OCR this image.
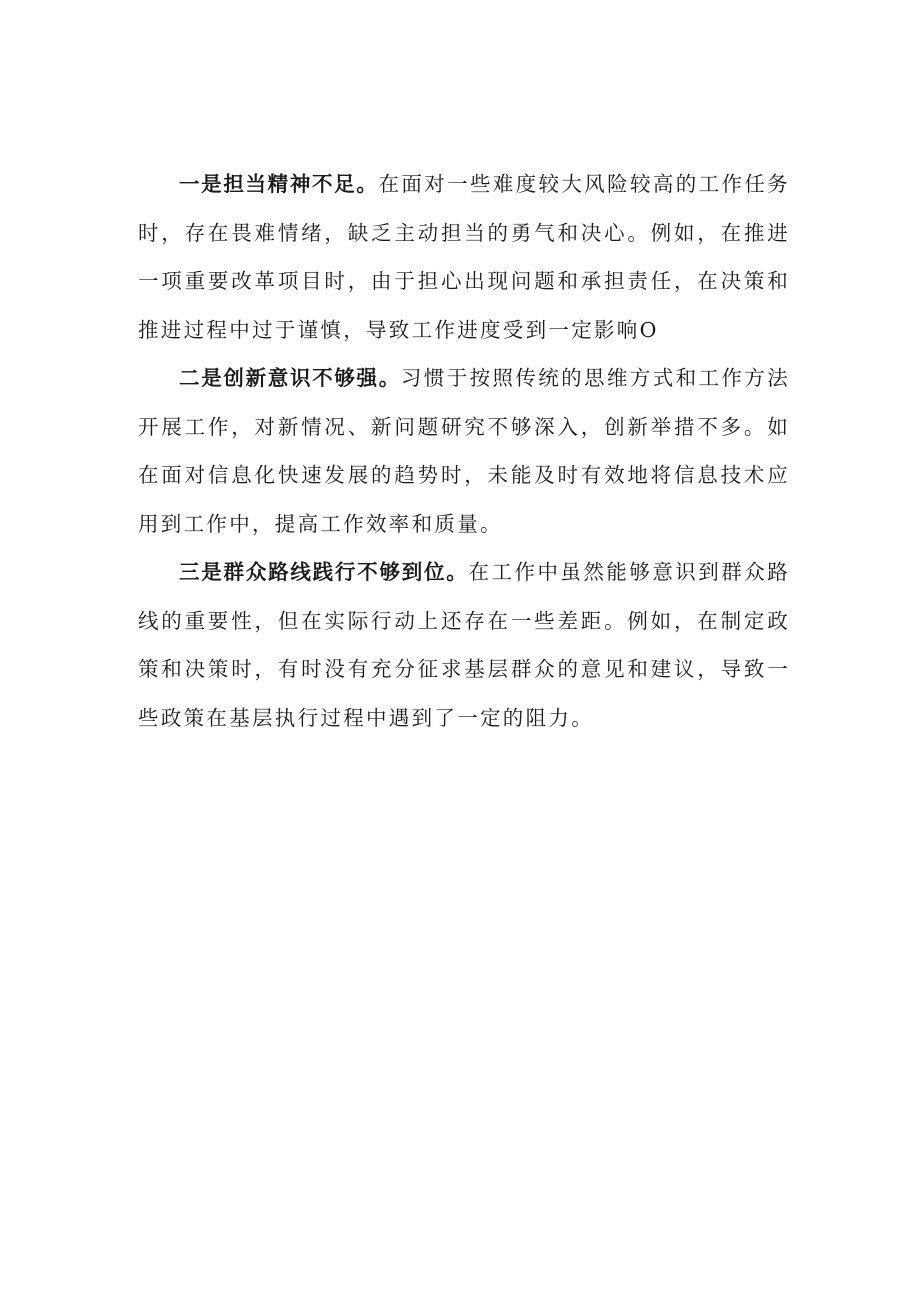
一是担当精神不足。在面对一些难度较大风险较高的工作任务时，存在畏难情绪，缺乏主动担当的勇气和决心。例如，在推进一项重要改革项目时，由于担心出现问题和承担责任，在决策和推进过程中过于谨慎，导致工作进度受到一定影响O

二是创新意识不够强。习惯于按照传统的思维方式和工作方法开展工作，对新情况、新问题研究不够深入，创新举措不多。如在面对信息化快速发展的趋势时，未能及时有效地将信息技术应用到工作中，提高工作效率和质量。

三是群众路线践行不够到位。在工作中虽然能够意识到群众路线的重要性，但在实际行动上还存在一些差距。例如，在制定政策和决策时，有时没有充分征求基层群众的意见和建议，导致一些政策在基层执行过程中遇到了一定的阻力。
